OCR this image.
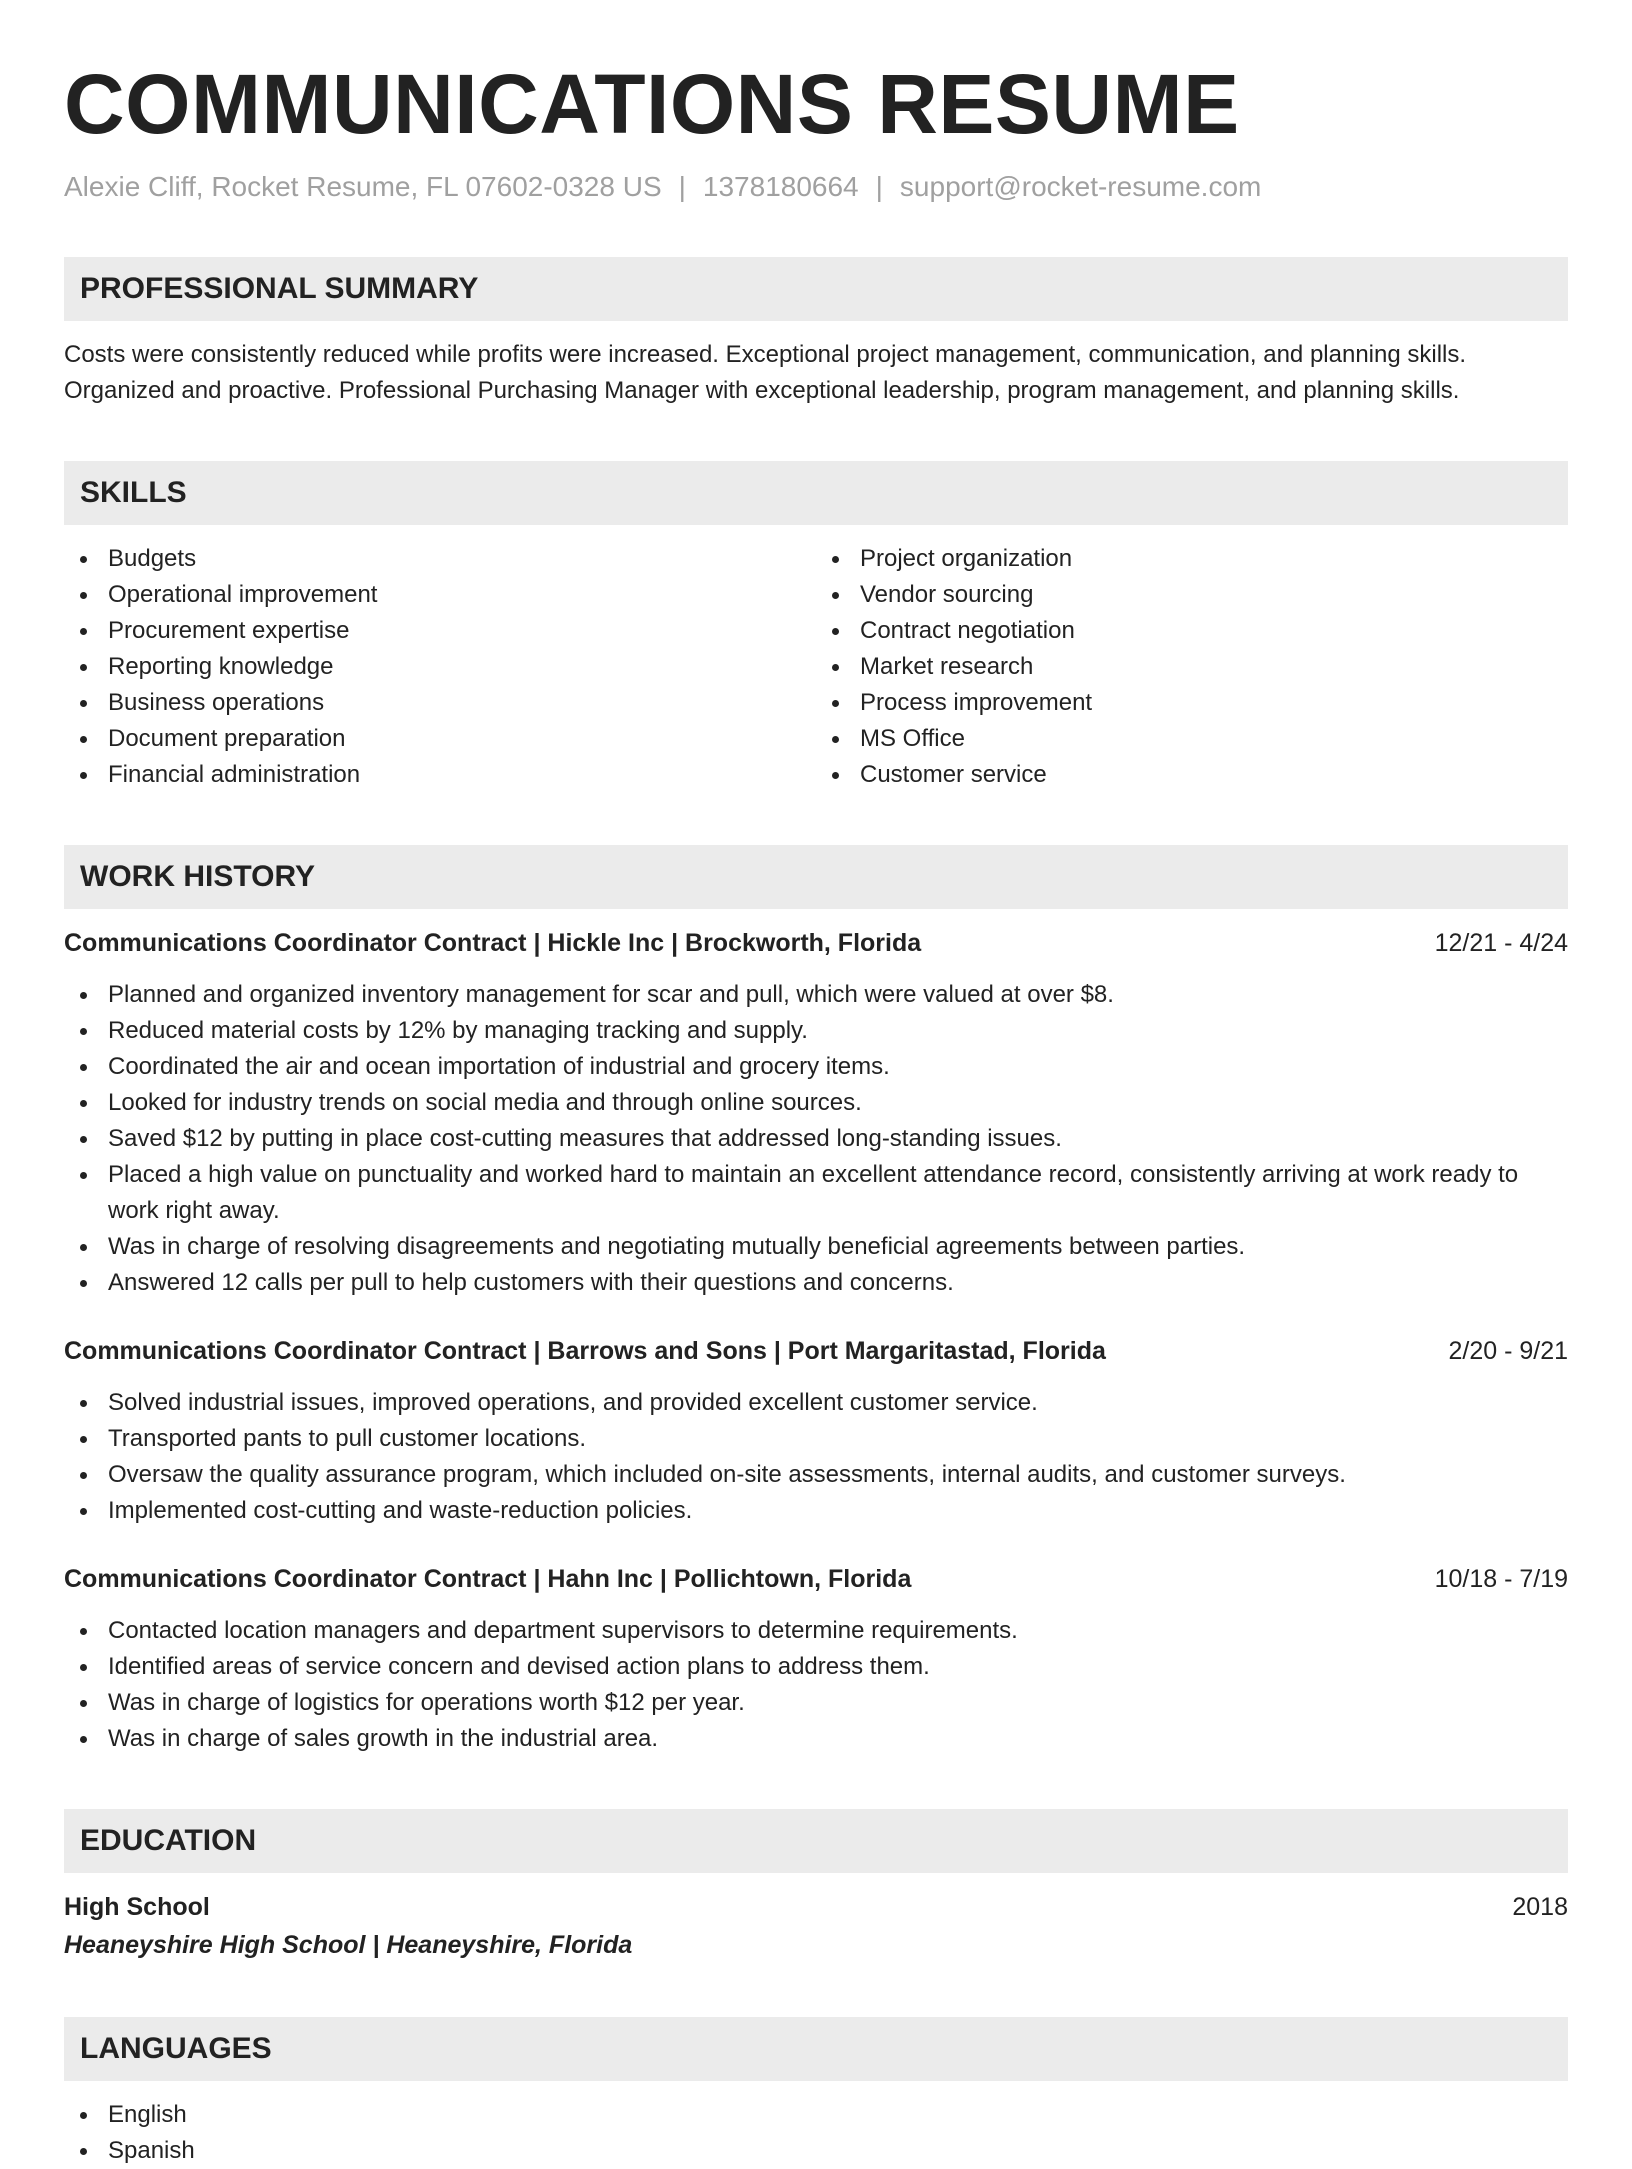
COMMUNICATIONS RESUME
Alexie Cliff, Rocket Resume, FL 07602-0328 US | 1378180664 | support@rocket-resume.com
PROFESSIONAL SUMMARY

Costs were consistently reduced while profits were increased. Exceptional project management, communication, and planning skills.

Organized and proactive. Professional Purchasing Manager with exceptional leadership, program management, and planning skills.

SKILLS
Budgets
Operational improvement
Procurement expertise
Reporting knowledge
Business operations
Document preparation
Financial administration
Project organization
Vendor sourcing
Contract negotiation
Market research
Process improvement
MS Office
Customer service
WORK HISTORY
Communications Coordinator Contract | Hickle Inc | Brockworth, Florida	12/21 - 4/24
Planned and organized inventory management for scar and pull, which were valued at over $8.
Reduced material costs by 12% by managing tracking and supply.
Coordinated the air and ocean importation of industrial and grocery items.
Looked for industry trends on social media and through online sources.
Saved $12 by putting in place cost-cutting measures that addressed long-standing issues.
Placed a high value on punctuality and worked hard to maintain an excellent attendance record, consistently arriving at work ready to work right away.
Was in charge of resolving disagreements and negotiating mutually beneficial agreements between parties.
Answered 12 calls per pull to help customers with their questions and concerns.
Communications Coordinator Contract | Barrows and Sons | Port Margaritastad, Florida	2/20 - 9/21
Solved industrial issues, improved operations, and provided excellent customer service.
Transported pants to pull customer locations.
Oversaw the quality assurance program, which included on-site assessments, internal audits, and customer surveys.
Implemented cost-cutting and waste-reduction policies.
Communications Coordinator Contract | Hahn Inc | Pollichtown, Florida	10/18 - 7/19
Contacted location managers and department supervisors to determine requirements.
Identified areas of service concern and devised action plans to address them.
Was in charge of logistics for operations worth $12 per year.
Was in charge of sales growth in the industrial area.
EDUCATION
High School	2018
Heaneyshire High School | Heaneyshire, Florida
LANGUAGES
English
Spanish
